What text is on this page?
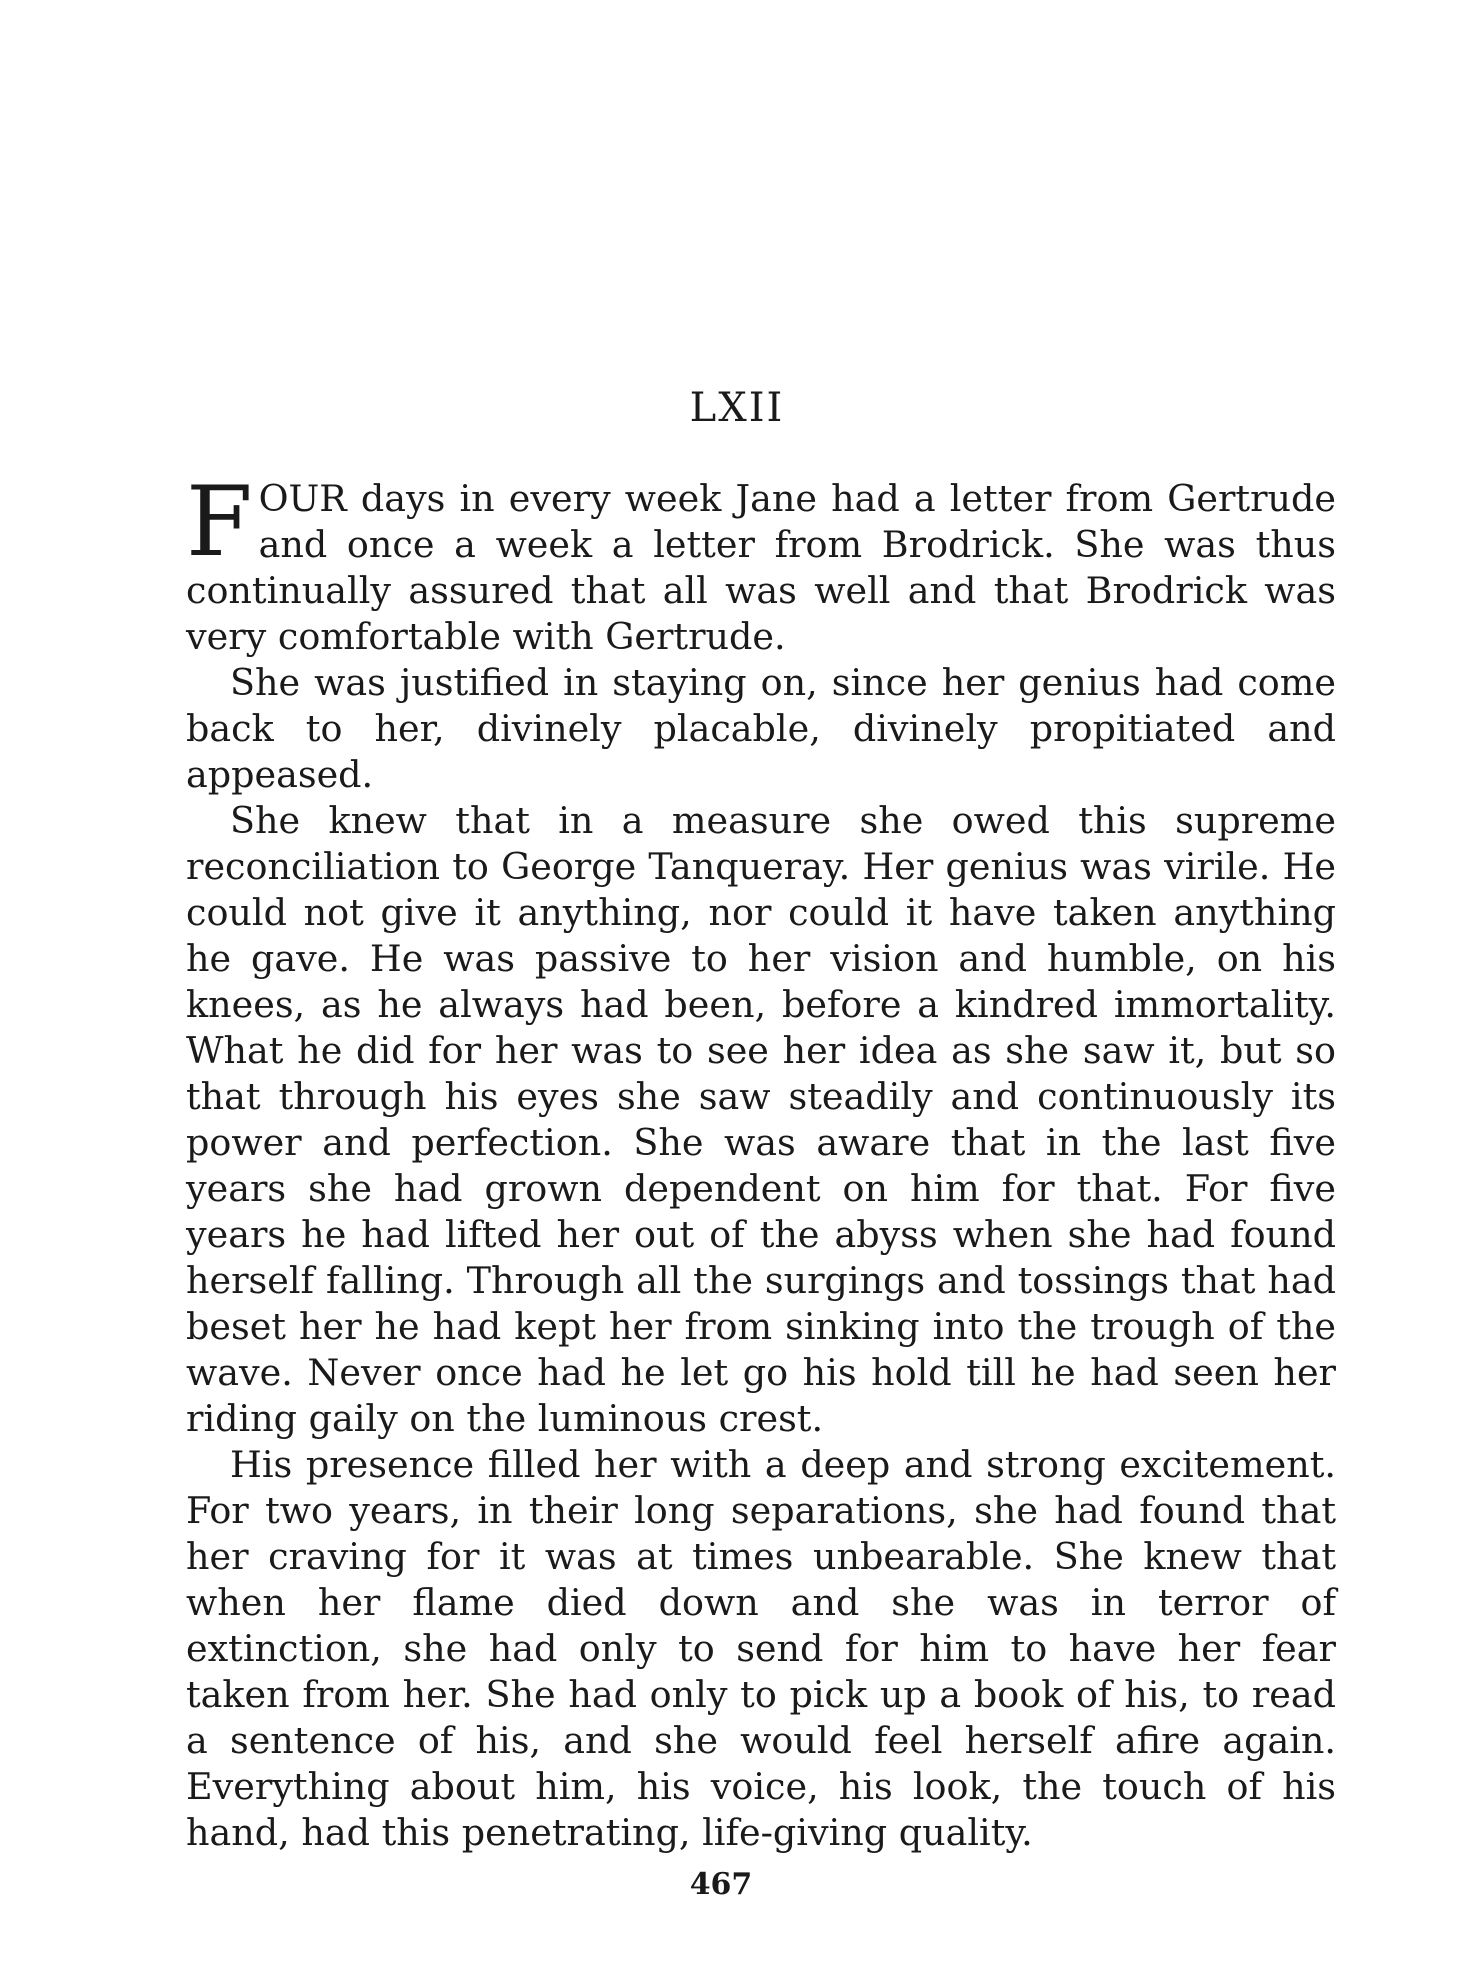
LXII

FOUR days in every week Jane had a letter from Gertrude and once a week a letter from Brodrick. She was thus continually assured that all was well and that Brodrick was very comfortable with Gertrude.

She was justified in staying on, since her genius had come back to her, divinely placable, divinely propitiated and appeased.

She knew that in a measure she owed this supreme reconciliation to George Tanqueray. Her genius was virile. He could not give it anything, nor could it have taken anything he gave. He was passive to her vision and humble, on his knees, as he always had been, before a kindred immortality. What he did for her was to see her idea as she saw it, but so that through his eyes she saw steadily and continuously its power and perfection. She was aware that in the last five years she had grown dependent on him for that. For five years he had lifted her out of the abyss when she had found herself falling. Through all the surgings and tossings that had beset her he had kept her from sinking into the trough of the wave. Never once had he let go his hold till he had seen her riding gaily on the luminous crest.

His presence filled her with a deep and strong excitement. For two years, in their long separations, she had found that her craving for it was at times unbearable. She knew that when her flame died down and she was in terror of extinction, she had only to send for him to have her fear taken from her. She had only to pick up a book of his, to read a sentence of his, and she would feel herself afire again. Everything about him, his voice, his look, the touch of his hand, had this penetrating, life-giving quality.

467
